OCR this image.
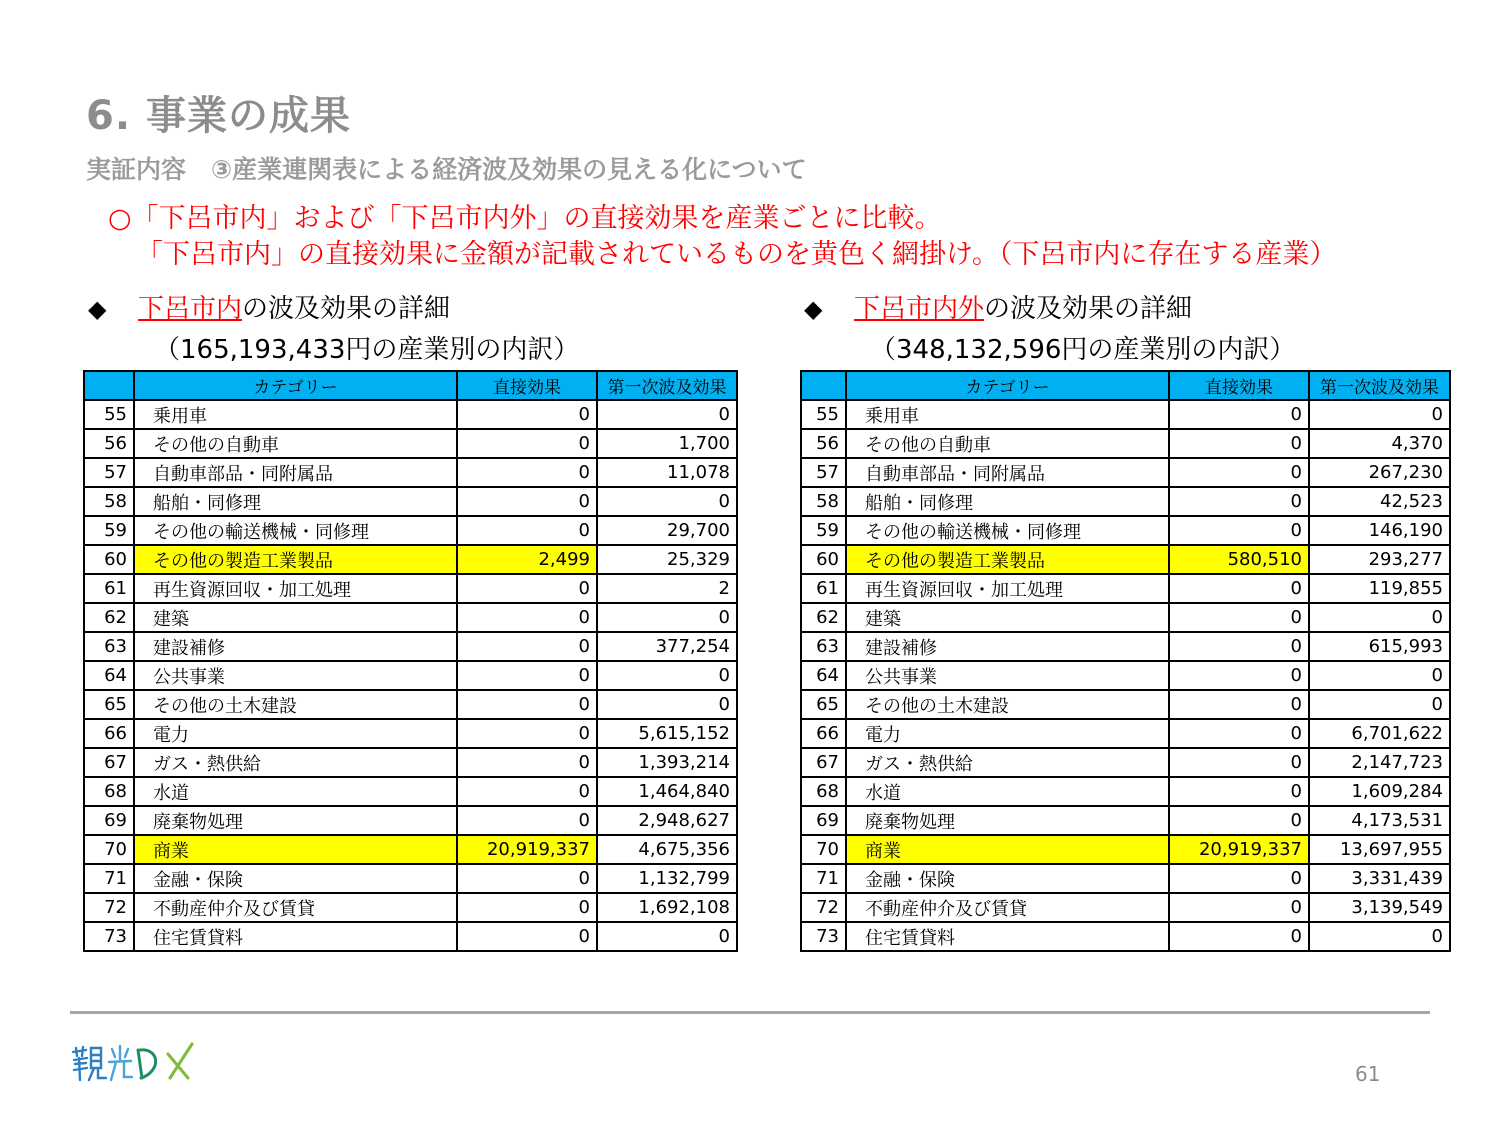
6. 事業の成果
実証内容　③産業連関表による経済波及効果の見える化について
○「下呂市内」および「下呂市内外」の直接効果を産業ごとに比較。
「下呂市内」の直接効果に金額が記載されているものを黄色く網掛け。（下呂市内に存在する産業）
◆ 下呂市内の波及効果の詳細
（165,193,433円の産業別の内訳）
◆ 下呂市内外の波及効果の詳細
（348,132,596円の産業別の内訳）
	カテゴリー	直接効果	第一次波及効果
55	乗用車	0	0
56	その他の自動車	0	1,700
57	自動車部品・同附属品	0	11,078
58	船舶・同修理	0	0
59	その他の輸送機械・同修理	0	29,700
60	その他の製造工業製品	2,499	25,329
61	再生資源回収・加工処理	0	2
62	建築	0	0
63	建設補修	0	377,254
64	公共事業	0	0
65	その他の土木建設	0	0
66	電力	0	5,615,152
67	ガス・熱供給	0	1,393,214
68	水道	0	1,464,840
69	廃棄物処理	0	2,948,627
70	商業	20,919,337	4,675,356
71	金融・保険	0	1,132,799
72	不動産仲介及び賃貸	0	1,692,108
73	住宅賃貸料	0	0
	カテゴリー	直接効果	第一次波及効果
55	乗用車	0	0
56	その他の自動車	0	4,370
57	自動車部品・同附属品	0	267,230
58	船舶・同修理	0	42,523
59	その他の輸送機械・同修理	0	146,190
60	その他の製造工業製品	580,510	293,277
61	再生資源回収・加工処理	0	119,855
62	建築	0	0
63	建設補修	0	615,993
64	公共事業	0	0
65	その他の土木建設	0	0
66	電力	0	6,701,622
67	ガス・熱供給	0	2,147,723
68	水道	0	1,609,284
69	廃棄物処理	0	4,173,531
70	商業	20,919,337	13,697,955
71	金融・保険	0	3,331,439
72	不動産仲介及び賃貸	0	3,139,549
73	住宅賃貸料	0	0
61
